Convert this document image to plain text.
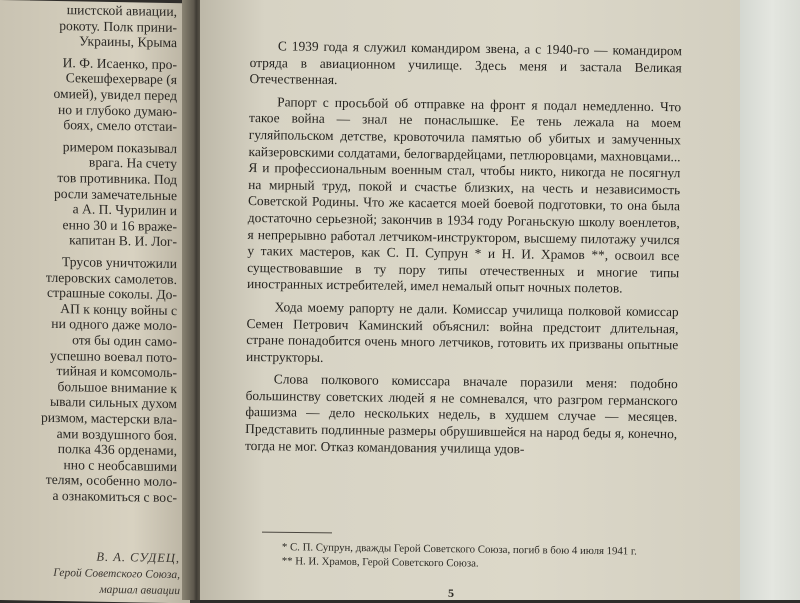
шистской авиации,
рокоту. Полк прини-
Украины, Крыма
И. Ф. Исаенко, про-
Секешфехерваре (я
омией), увидел перед
но и глубоко думаю-
боях, смело отстаи-
римером показывал
врага. На счету
тов противника. Под
росли замечательные
а А. П. Чурилин и
енно 30 и 16 враже-
капитан В. И. Лог-
Трусов уничтожили
тлеровских самолетов.
страшные соколы. До-
АП к концу войны с
ни одного даже моло-
отя бы один само-
успешно воевал пото-
тийная и комсомоль-
большое внимание к
ывали сильных духом
ризмом, мастерски вла-
ами воздушного боя.
полка 436 орденами,
нно с необсавшими
телям, особенно моло-
а ознакомиться с вос-
В. А. СУДЕЦ,
Герой Советского Союза,
маршал авиации

С 1939 года я служил командиром звена, а с 1940-го — командиром отряда в авиационном училище. Здесь меня и застала Великая Отечественная.

Рапорт с просьбой об отправке на фронт я подал немедленно. Что такое война — знал не понаслышке. Ее тень лежала на моем гуляйпольском детстве, кровоточила памятью об убитых и замученных кайзеровскими солдатами, белогвардейцами, петлюровцами, махновцами... Я и профессиональным военным стал, чтобы никто, никогда не посягнул на мирный труд, покой и счастье близких, на честь и независимость Советской Родины. Что же касается моей боевой подготовки, то она была достаточно серьезной; закончив в 1934 году Роганьскую школу военлетов, я непрерывно работал летчиком-инструктором, высшему пилотажу учился у таких мастеров, как С. П. Супрун * и Н. И. Храмов **, освоил все существовавшие в ту пору типы отечественных и многие типы иностранных истребителей, имел немалый опыт ночных полетов.

Хода моему рапорту не дали. Комиссар училища полковой комиссар Семен Петрович Каминский объяснил: война предстоит длительная, стране понадобится очень много летчиков, готовить их призваны опытные инструкторы.

Слова полкового комиссара вначале поразили меня: подобно большинству советских людей я не сомневался, что разгром германского фашизма — дело нескольких недель, в худшем случае — месяцев. Представить подлинные размеры обрушившейся на народ беды я, конечно, тогда не мог. Отказ командования училища удов-

* С. П. Супрун, дважды Герой Советского Союза, погиб в бою 4 июля 1941 г.

** Н. И. Храмов, Герой Советского Союза.

5
